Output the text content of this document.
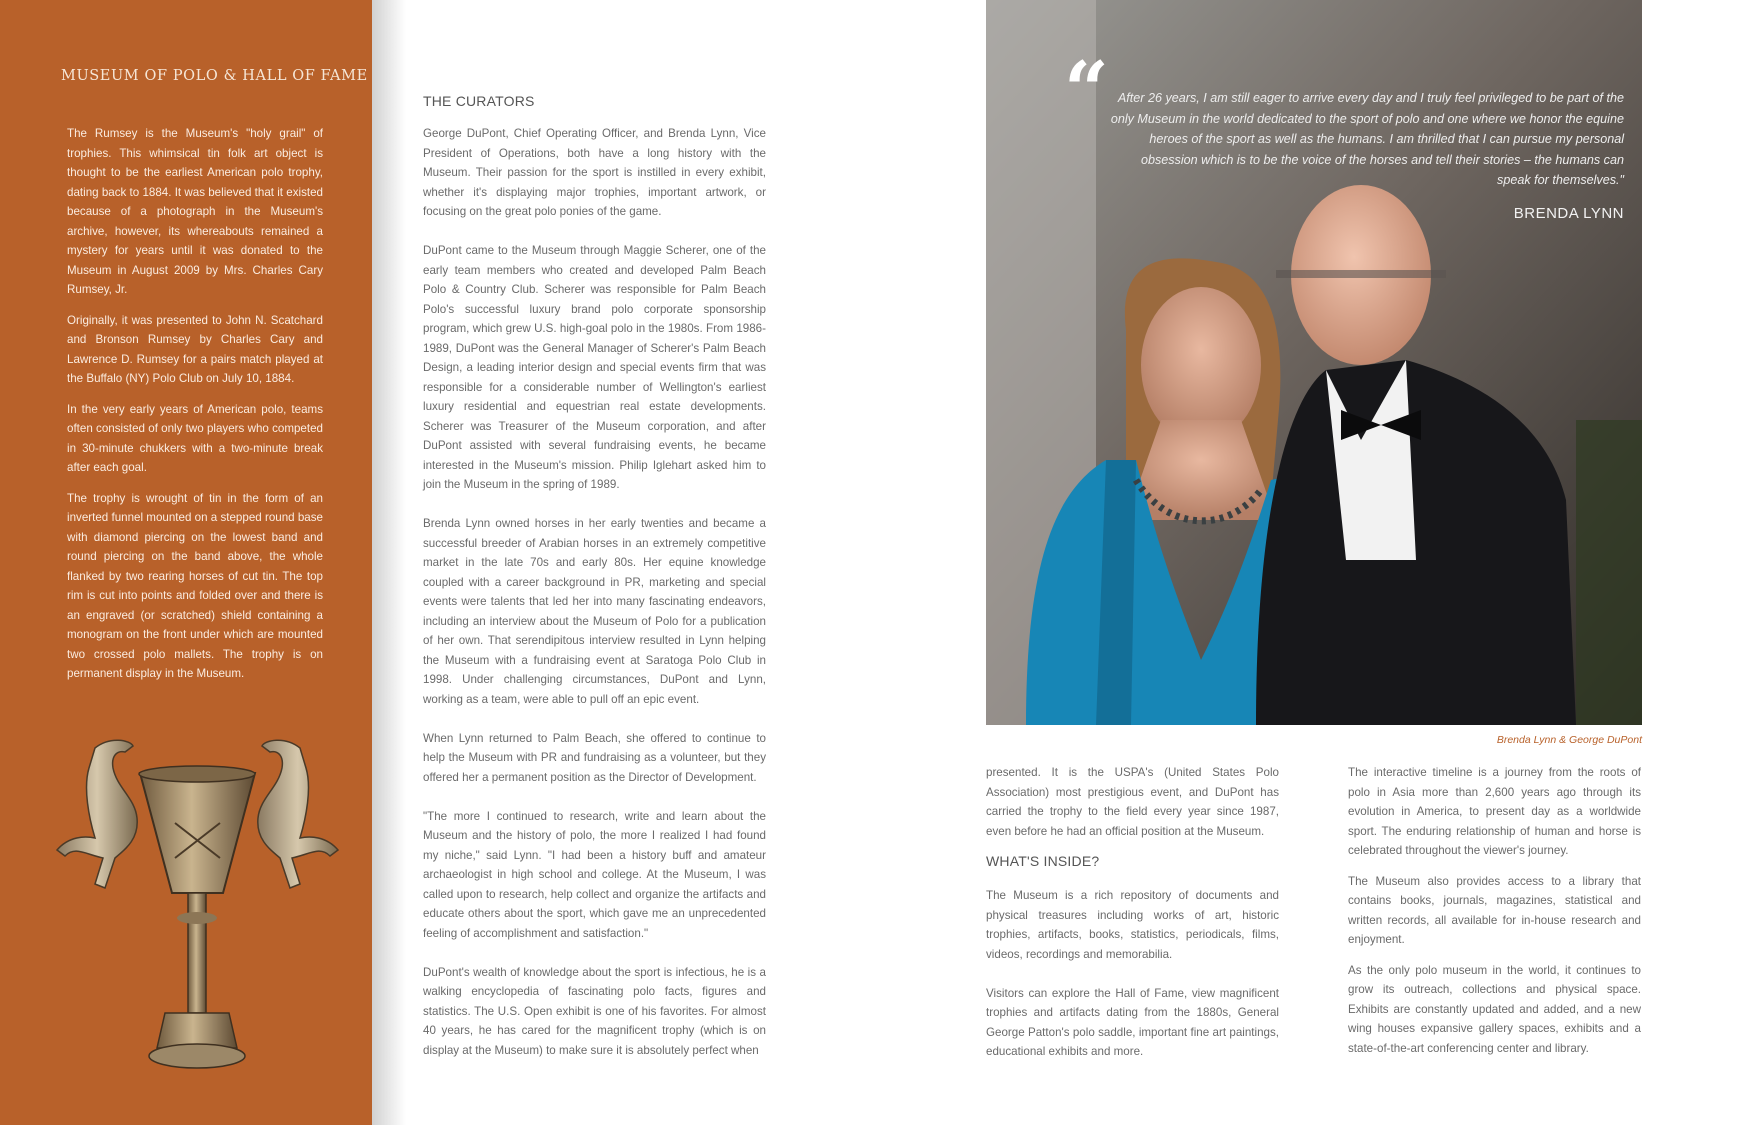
MUSEUM OF POLO & HALL OF FAME

The Rumsey is the Museum's "holy grail" of trophies. This whimsical tin folk art object is thought to be the earliest American polo trophy, dating back to 1884. It was believed that it existed because of a photograph in the Museum's archive, however, its whereabouts remained a mystery for years until it was donated to the Museum in August 2009 by Mrs. Charles Cary Rumsey, Jr.

Originally, it was presented to John N. Scatchard and Bronson Rumsey by Charles Cary and Lawrence D. Rumsey for a pairs match played at the Buffalo (NY) Polo Club on July 10, 1884.

In the very early years of American polo, teams often consisted of only two players who competed in 30-minute chukkers with a two-minute break after each goal.

The trophy is wrought of tin in the form of an inverted funnel mounted on a stepped round base with diamond piercing on the lowest band and round piercing on the band above, the whole flanked by two rearing horses of cut tin. The top rim is cut into points and folded over and there is an engraved (or scratched) shield containing a monogram on the front under which are mounted two crossed polo mallets. The trophy is on permanent display in the Museum.

THE CURATORS

George DuPont, Chief Operating Officer, and Brenda Lynn, Vice President of Operations, both have a long history with the Museum. Their passion for the sport is instilled in every exhibit, whether it's displaying major trophies, important artwork, or focusing on the great polo ponies of the game.

DuPont came to the Museum through Maggie Scherer, one of the early team members who created and developed Palm Beach Polo & Country Club. Scherer was responsible for Palm Beach Polo's successful luxury brand polo corporate sponsorship program, which grew U.S. high-goal polo in the 1980s. From 1986-1989, DuPont was the General Manager of Scherer's Palm Beach Design, a leading interior design and special events firm that was responsible for a considerable number of Wellington's earliest luxury residential and equestrian real estate developments. Scherer was Treasurer of the Museum corporation, and after DuPont assisted with several fundraising events, he became interested in the Museum's mission. Philip Iglehart asked him to join the Museum in the spring of 1989.

Brenda Lynn owned horses in her early twenties and became a successful breeder of Arabian horses in an extremely competitive market in the late 70s and early 80s. Her equine knowledge coupled with a career background in PR, marketing and special events were talents that led her into many fascinating endeavors, including an interview about the Museum of Polo for a publication of her own. That serendipitous interview resulted in Lynn helping the Museum with a fundraising event at Saratoga Polo Club in 1998. Under challenging circumstances, DuPont and Lynn, working as a team, were able to pull off an epic event.

When Lynn returned to Palm Beach, she offered to continue to help the Museum with PR and fundraising as a volunteer, but they offered her a permanent position as the Director of Development.

"The more I continued to research, write and learn about the Museum and the history of polo, the more I realized I had found my niche," said Lynn. "I had been a history buff and amateur archaeologist in high school and college. At the Museum, I was called upon to research, help collect and organize the artifacts and educate others about the sport, which gave me an unprecedented feeling of accomplishment and satisfaction."

DuPont's wealth of knowledge about the sport is infectious, he is a walking encyclopedia of fascinating polo facts, figures and statistics. The U.S. Open exhibit is one of his favorites. For almost 40 years, he has cared for the magnificent trophy (which is on display at the Museum) to make sure it is absolutely perfect when

“ After 26 years, I am still eager to arrive every day and I truly feel privileged to be part of the only Museum in the world dedicated to the sport of polo and one where we honor the equine heroes of the sport as well as the humans. I am thrilled that I can pursue my personal obsession which is to be the voice of the horses and tell their stories – the humans can speak for themselves."
BRENDA LYNN
Brenda Lynn & George DuPont

presented. It is the USPA's (United States Polo Association) most prestigious event, and DuPont has carried the trophy to the field every year since 1987, even before he had an official position at the Museum.

WHAT'S INSIDE?

The Museum is a rich repository of documents and physical treasures including works of art, historic trophies, artifacts, books, statistics, periodicals, films, videos, recordings and memorabilia.

Visitors can explore the Hall of Fame, view magnificent trophies and artifacts dating from the 1880s, General George Patton's polo saddle, important fine art paintings, educational exhibits and more.

The interactive timeline is a journey from the roots of polo in Asia more than 2,600 years ago through its evolution in America, to present day as a worldwide sport. The enduring relationship of human and horse is celebrated throughout the viewer's journey.

The Museum also provides access to a library that contains books, journals, magazines, statistical and written records, all available for in-house research and enjoyment.

As the only polo museum in the world, it continues to grow its outreach, collections and physical space. Exhibits are constantly updated and added, and a new wing houses expansive gallery spaces, exhibits and a state-of-the-art conferencing center and library.
